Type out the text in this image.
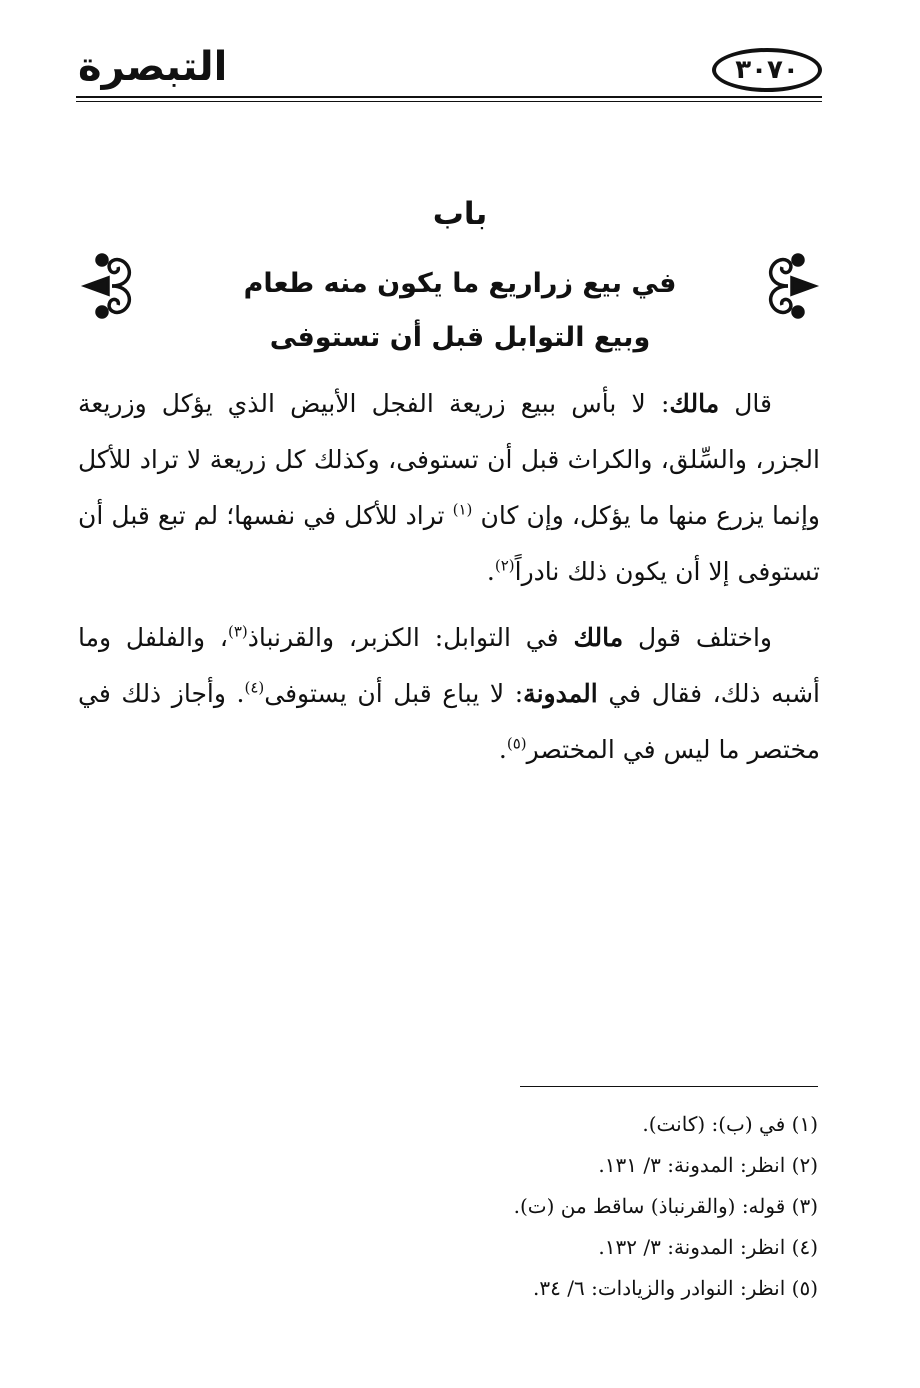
التبصرة	٣٠٧٠
باب
في بيع زراريع ما يكون منه طعام
وبيع التوابل قبل أن تستوفى
قال مالك: لا بأس ببيع زريعة الفجل الأبيض الذي يؤكل وزريعة الجزر، والسِّلق، والكراث قبل أن تستوفى، وكذلك كل زريعة لا تراد للأكل وإنما يزرع منها ما يؤكل، وإن كان $^{(١)}$ تراد للأكل في نفسها؛ لم تبع قبل أن تستوفى إلا أن يكون ذلك نادراً$^{(٢)}$.
واختلف قول مالك في التوابل: الكزبر، والقرنباذ$^{(٣)}$، والفلفل وما أشبه ذلك، فقال في المدونة: لا يباع قبل أن يستوفى$^{(٤)}$. وأجاز ذلك في مختصر ما ليس في المختصر$^{(٥)}$.
(١) في (ب): (كانت).
(٢) انظر: المدونة: ٣/ ١٣١.
(٣) قوله: (والقرنباذ) ساقط من (ت).
(٤) انظر: المدونة: ٣/ ١٣٢.
(٥) انظر: النوادر والزيادات: ٦/ ٣٤.
